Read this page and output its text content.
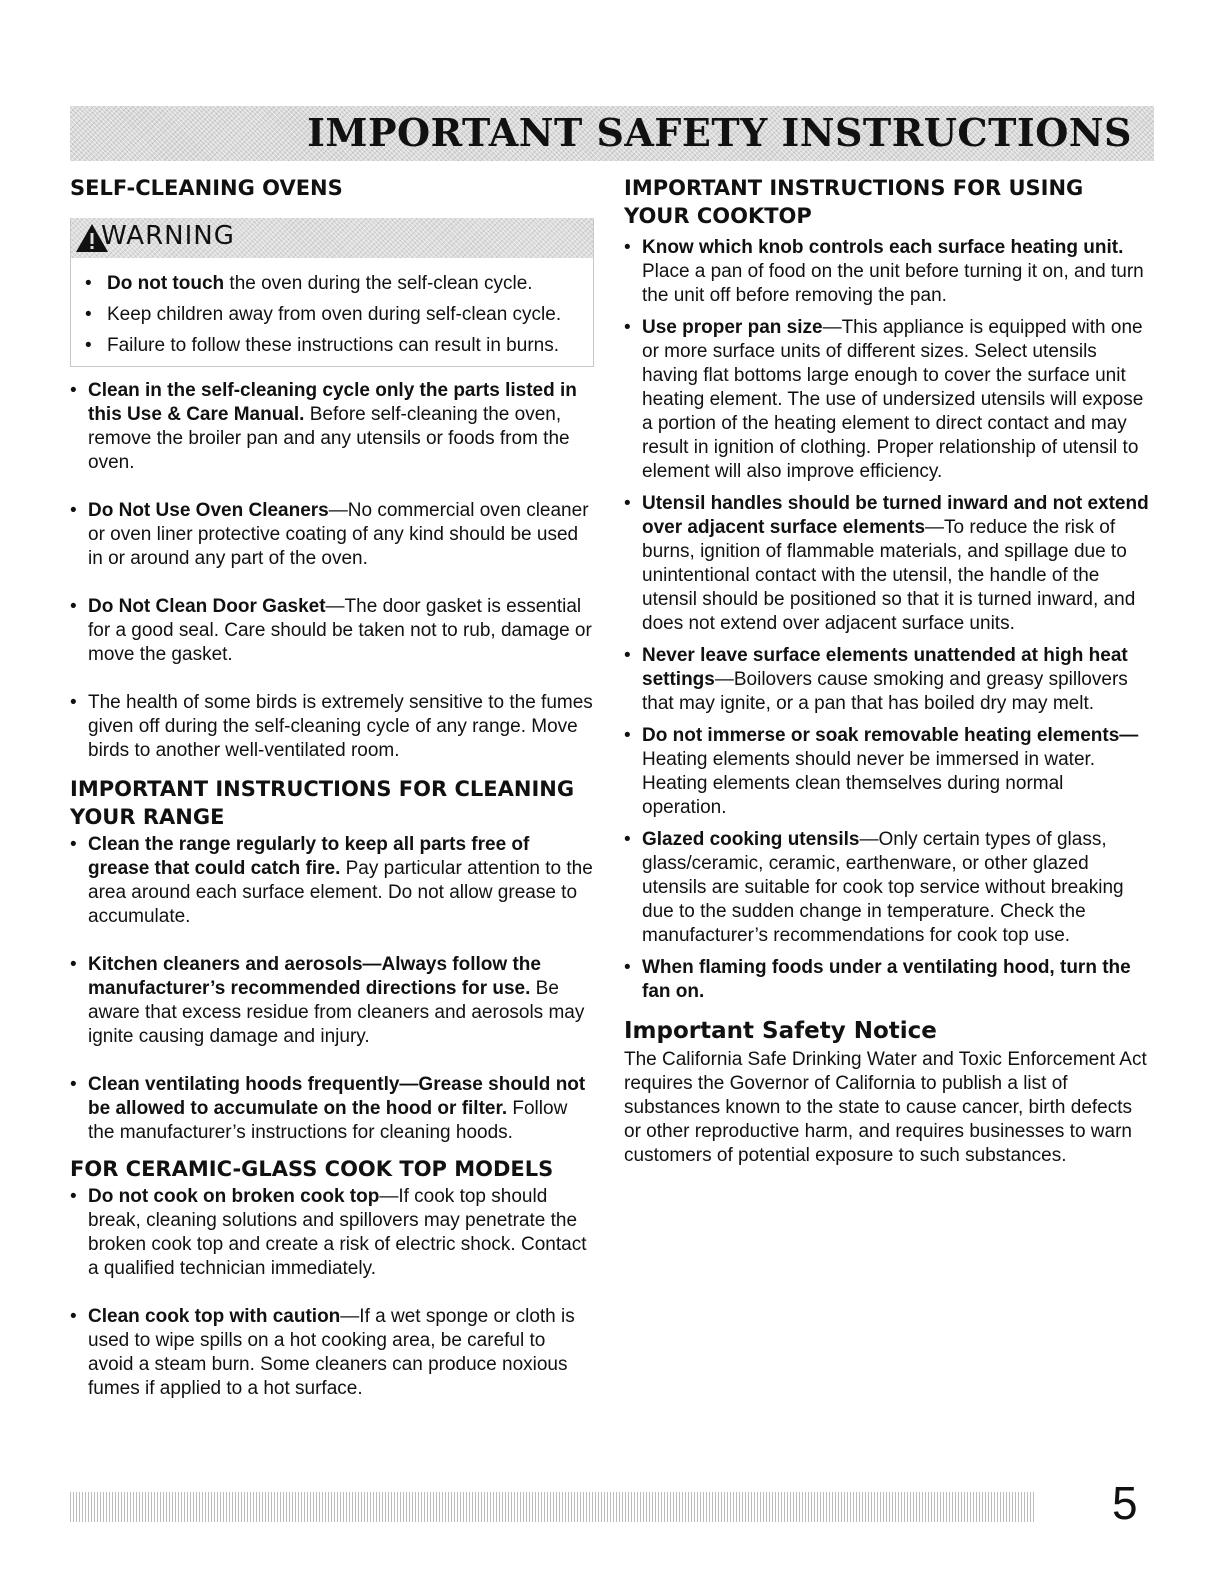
IMPORTANT SAFETY INSTRUCTIONS
SELF-CLEANING OVENS
WARNING
• Do not touch the oven during the self-clean cycle.
• Keep children away from oven during self-clean cycle.
• Failure to follow these instructions can result in burns.

• Clean in the self-cleaning cycle only the parts listed in this Use & Care Manual. Before self-cleaning the oven, remove the broiler pan and any utensils or foods from the oven.

• Do Not Use Oven Cleaners—No commercial oven cleaner or oven liner protective coating of any kind should be used in or around any part of the oven.

• Do Not Clean Door Gasket—The door gasket is essential for a good seal. Care should be taken not to rub, damage or move the gasket.

• The health of some birds is extremely sensitive to the fumes given off during the self-cleaning cycle of any range. Move birds to another well-ventilated room.

IMPORTANT INSTRUCTIONS FOR CLEANING YOUR RANGE

• Clean the range regularly to keep all parts free of grease that could catch fire. Pay particular attention to the area around each surface element. Do not allow grease to accumulate.

• Kitchen cleaners and aerosols—Always follow the manufacturer’s recommended directions for use. Be aware that excess residue from cleaners and aerosols may ignite causing damage and injury.

• Clean ventilating hoods frequently—Grease should not be allowed to accumulate on the hood or filter. Follow the manufacturer’s instructions for cleaning hoods.

FOR CERAMIC-GLASS COOK TOP MODELS

• Do not cook on broken cook top—If cook top should break, cleaning solutions and spillovers may penetrate the broken cook top and create a risk of electric shock. Contact a qualified technician immediately.

• Clean cook top with caution—If a wet sponge or cloth is used to wipe spills on a hot cooking area, be careful to avoid a steam burn. Some cleaners can produce noxious fumes if applied to a hot surface.

IMPORTANT INSTRUCTIONS FOR USING YOUR COOKTOP

• Know which knob controls each surface heating unit. Place a pan of food on the unit before turning it on, and turn the unit off before removing the pan.

• Use proper pan size—This appliance is equipped with one or more surface units of different sizes. Select utensils having flat bottoms large enough to cover the surface unit heating element. The use of undersized utensils will expose a portion of the heating element to direct contact and may result in ignition of clothing. Proper relationship of utensil to element will also improve efficiency.

• Utensil handles should be turned inward and not extend over adjacent surface elements—To reduce the risk of burns, ignition of flammable materials, and spillage due to unintentional contact with the utensil, the handle of the utensil should be positioned so that it is turned inward, and does not extend over adjacent surface units.

• Never leave surface elements unattended at high heat settings—Boilovers cause smoking and greasy spillovers that may ignite, or a pan that has boiled dry may melt.

• Do not immerse or soak removable heating elements—Heating elements should never be immersed in water. Heating elements clean themselves during normal operation.

• Glazed cooking utensils—Only certain types of glass, glass/ceramic, ceramic, earthenware, or other glazed utensils are suitable for cook top service without breaking due to the sudden change in temperature. Check the manufacturer’s recommendations for cook top use.

• When flaming foods under a ventilating hood, turn the fan on.

Important Safety Notice

The California Safe Drinking Water and Toxic Enforcement Act requires the Governor of California to publish a list of substances known to the state to cause cancer, birth defects or other reproductive harm, and requires businesses to warn customers of potential exposure to such substances.

5
